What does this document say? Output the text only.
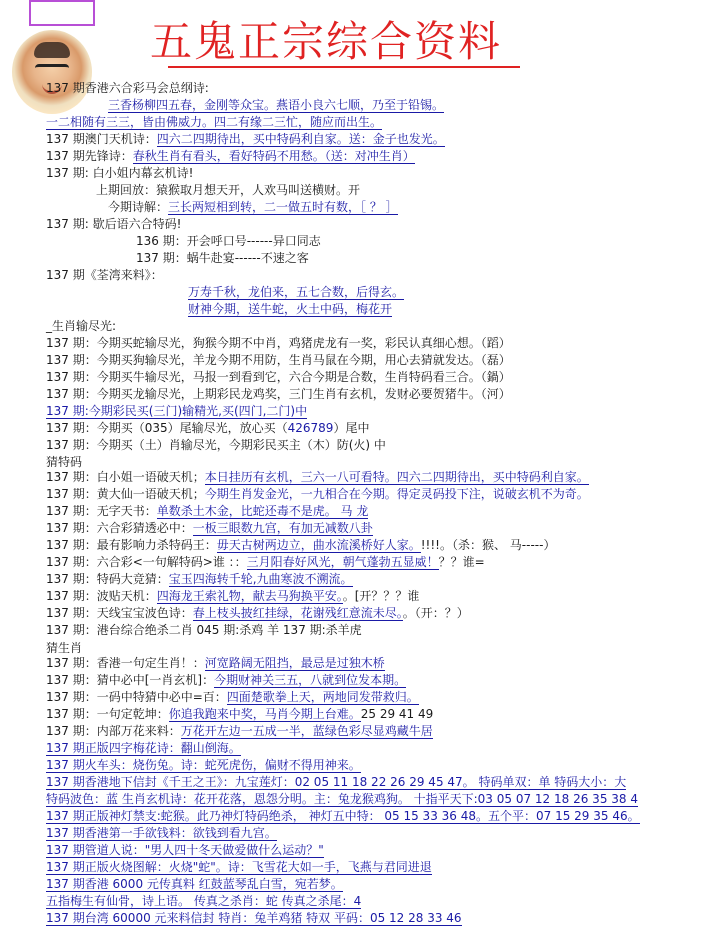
五鬼正宗综合资料
137 期香港六合彩马会总纲诗:
三香杨柳四五春，金刚等众宝。燕语小良六七顺，乃至于铅锡。
一二相随有三三，皆由佛威力。四二有缘二三忙，随应而出生。
137 期澳门天机诗：四六二四期待出，买中特码利自家。送：金子也发光。
137 期先锋诗：春秋生肖有看头，看好特码不用愁。（送：对冲生肖）
137 期: 白小姐内幕玄机诗!
上期回放：猿猴取月想天开，人欢马叫送横财。开
今期诗解：三长两短相到转，二一做五时有数，［ ？ ］
137 期: 歇后语六合特码!
136 期：开会呼口号------异口同志
137 期：蜗牛赴宴------不速之客
137 期《荃湾来料》：
万寿千秋，龙伯来，五七合数，后得玄。
财神今期，送牛蛇，火土中码，梅花开
_生肖输尽光:
137 期：今期买蛇输尽光，狗猴今期不中肖，鸡猪虎龙有一奖，彩民认真细心想。（蹈）
137 期：今期买狗输尽光，羊龙今期不用防，生肖马鼠在今期，用心去猜就发达。（磊）
137 期：今期买牛输尽光，马报一到看到它，六合今期是合数，生肖特码看三合。（鍋）
137 期：今期买龙输尽光，上期彩民龙鸡奖，三门生肖有玄机，发财必要贺猪牛。（河）
137 期:今期彩民买(三门)输精光,买(四门,二门)中
137 期：今期买（035）尾输尽光，放心买（426789）尾中
137 期：今期买（土）肖输尽光，今期彩民买主（木）防(火) 中
猜特码
137 期：白小姐一语破天机；本日挂历有玄机，三六一八可看特。四六二四期待出，买中特码利自家。
137 期：黄大仙一语破天机；今期生肖发金光，一九相合在今期。得定灵码投下注，说破玄机不为奇。
137 期：无字天书：单数杀土木金，比蛇还毒不是虎。 马 龙
137 期：六合彩猜透必中：一板三眼数九宫，有加无减数八卦
137 期：最有影响力杀特码王：毋天古树两边立，曲水流溪桥好人家。!!!!。（杀：猴、 马-----）
137 期：六合彩<一句解特码>谁 ：：三月阳春好风光，朝气蓬勃五显威！？？谁=
137 期：特码大竞猜：宝玉四海转千轮,九曲寒波不溯流。
137 期：波贴天机：四海龙王索礼物，献去马狗换平安。。[开？？？谁
137 期：天线宝宝波色诗：春上枝头披红挂绿，花谢残红意流未尽。。（开：？）
137 期：港台综合绝杀二肖 045 期:杀鸡 羊 137 期:杀羊虎
猜生肖
137 期：香港一句定生肖！：河宽路阔无阻挡，最忌是过独木桥
137 期：猜中必中[一肖玄机]：今期财神关三五，八就到位发本期。
137 期：一码中特猜中必中=百：四面楚歌拳上天，两地同发带救归。
137 期：一句定乾坤：你追我跑来中奖，马肖今期上台难。25 29 41 49
137 期：内部万花来料：万花开左边一五成一半，蓝绿色彩尽显鸡藏牛居
137 期正版四字梅花诗：翻山倒海。
137 期火车头：烧伤兔。诗：蛇死虎伤，偏财不得用神来。
137 期香港地下信封《千王之王》：九宝莲灯：02 05 11 18 22 26 29 45 47。 特码单双：单 特码大小：大
特码波色：蓝 生肖玄机诗：花开花落，恩怨分明。主：兔龙猴鸡狗。 十指平天下:03 05 07 12 18 26 35 38 4
137 期正版神灯禁支:蛇猴。此乃神灯特码绝杀， 神灯五中特： 05 15 33 36 48。五个平：07 15 29 35 46。
137 期香港第一手欲钱料：欲钱到看九宫。
137 期管道人说："男人四十冬天做爱做什么运动？"
137 期正版火烧图解：火烧"蛇"。诗：飞雪花大如一手，飞燕与君同进退
137 期香港 6000 元传真料 红鼓蓝琴乱白雪，宛若梦。
五指梅生有仙骨，诗上语。 传真之杀肖：蛇 传真之杀尾：4
137 期台湾 60000 元来料信封 特肖：兔羊鸡猪 特双 平码：05 12 28 33 46
